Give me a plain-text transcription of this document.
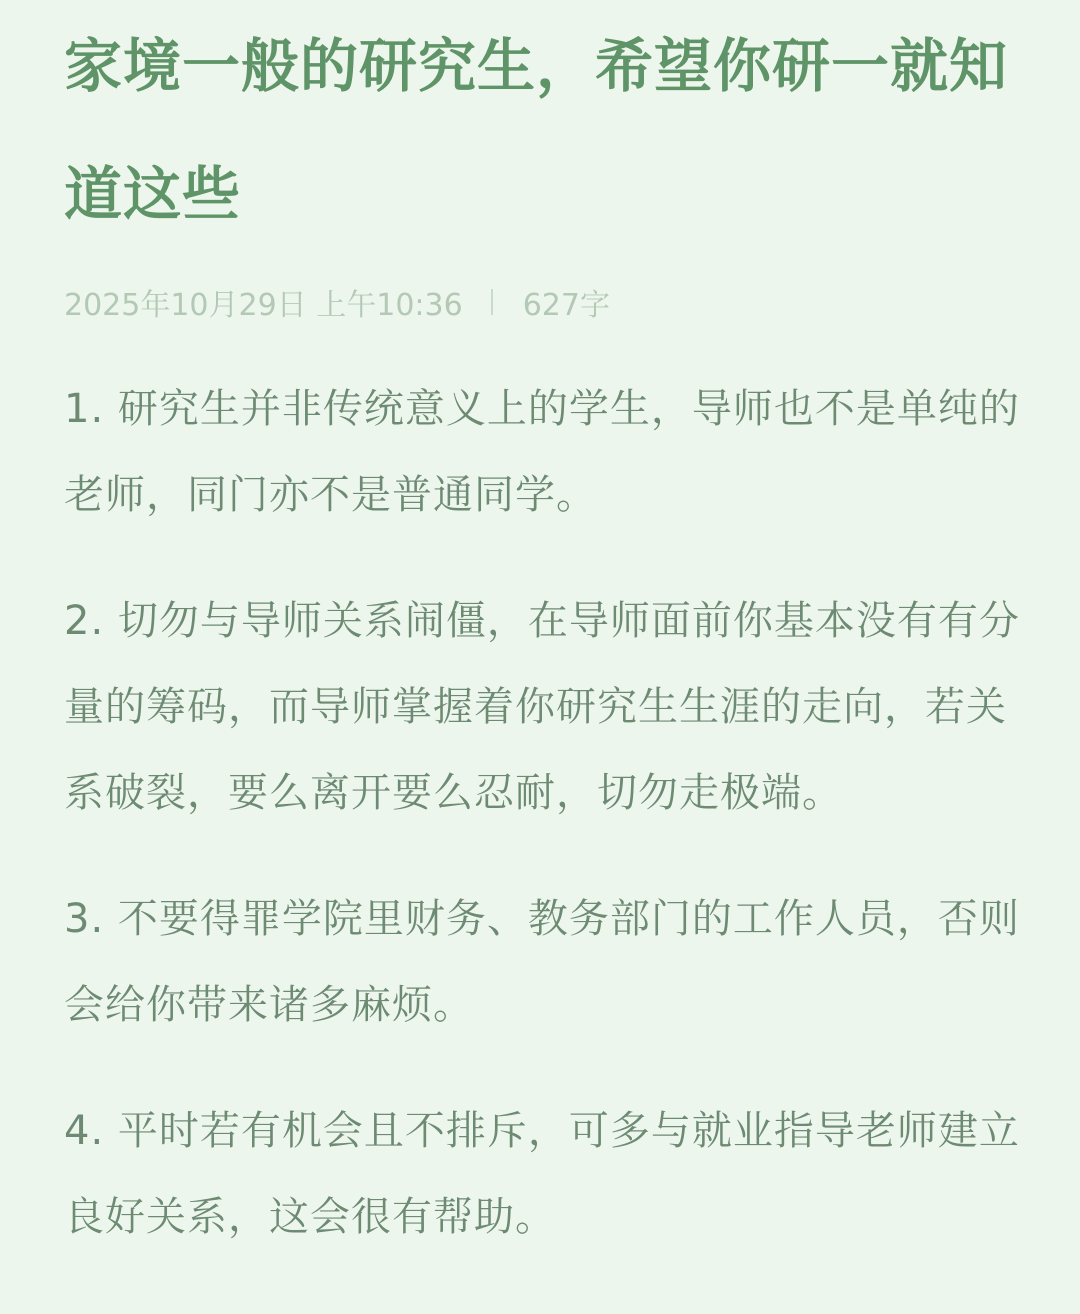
家境一般的研究生，希望你研一就知道这些
2025年10月29日 上午10:36 627字

1. 研究生并非传统意义上的学生，导师也不是单纯的老师，同门亦不是普通同学。

2. 切勿与导师关系闹僵，在导师面前你基本没有有分量的筹码，而导师掌握着你研究生生涯的走向，若关系破裂，要么离开要么忍耐，切勿走极端。

3. 不要得罪学院里财务、教务部门的工作人员，否则会给你带来诸多麻烦。

4. 平时若有机会且不排斥，可多与就业指导老师建立良好关系，这会很有帮助。
